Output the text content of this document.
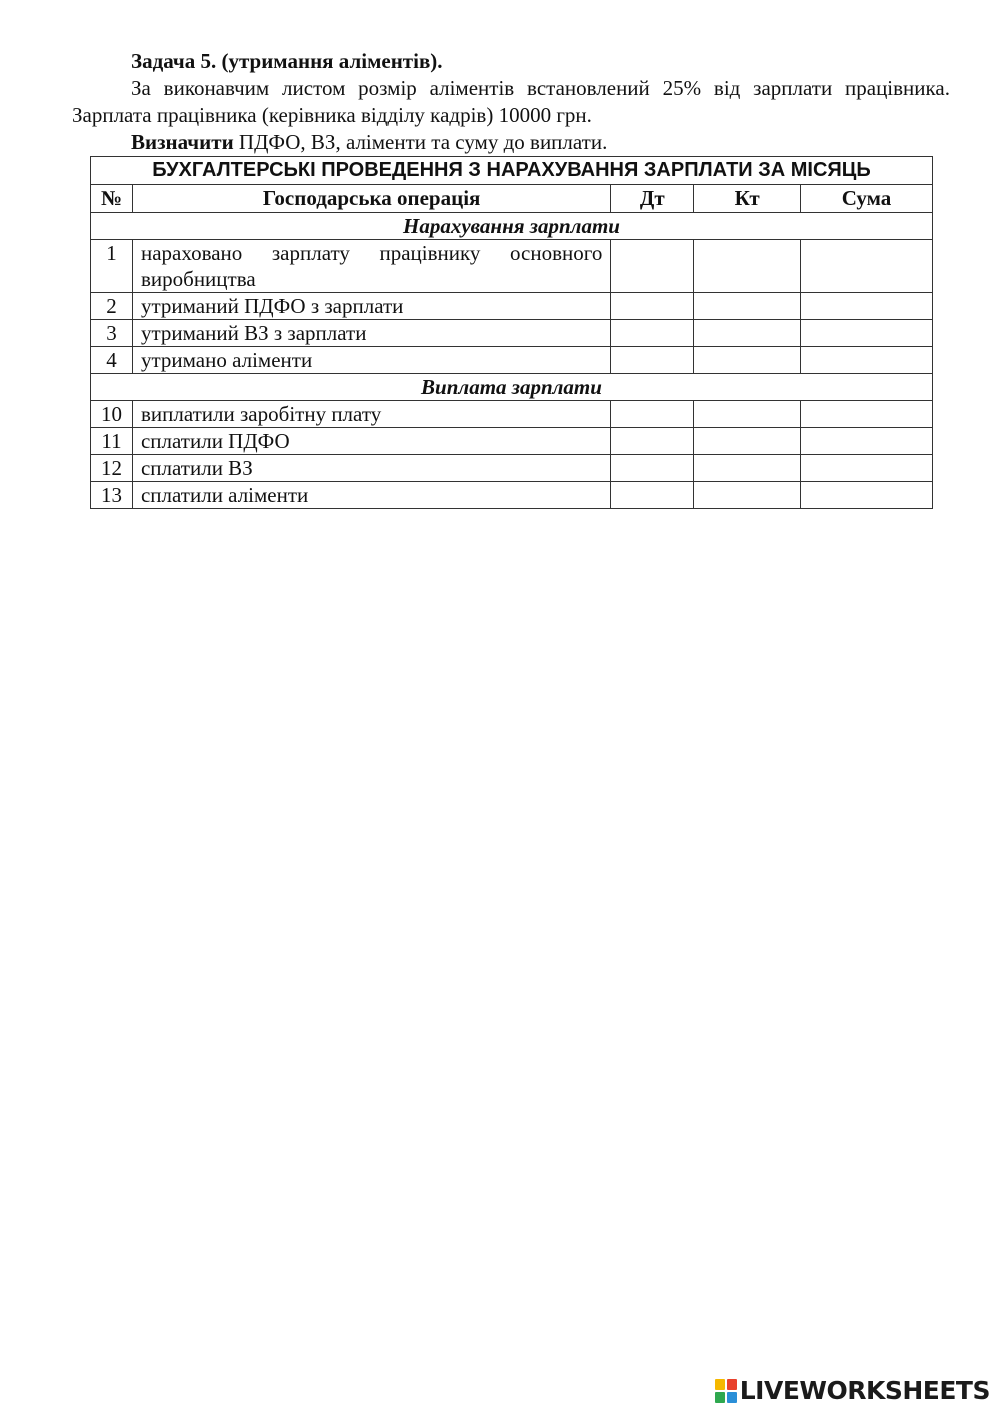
Задача 5. (утримання аліментів).

За виконавчим листом розмір аліментів встановлений 25% від зарплати працівника. Зарплата працівника (керівника відділу кадрів) 10000 грн.

Визначити ПДФО, ВЗ, аліменти та суму до виплати.

БУХГАЛТЕРСЬКІ ПРОВЕДЕННЯ З НАРАХУВАННЯ ЗАРПЛАТИ ЗА МІСЯЦЬ				
№	Господарська операція	Дт	Кт	Сума
Нарахування зарплати				
1	нараховано зарплату працівнику основного виробництва			
2	утриманий ПДФО з зарплати			
3	утриманий ВЗ з зарплати			
4	утримано аліменти			
Виплата зарплати				
10	виплатили заробітну плату			
11	сплатили ПДФО			
12	сплатили ВЗ			
13	сплатили аліменти			
LIVEWORKSHEETS
